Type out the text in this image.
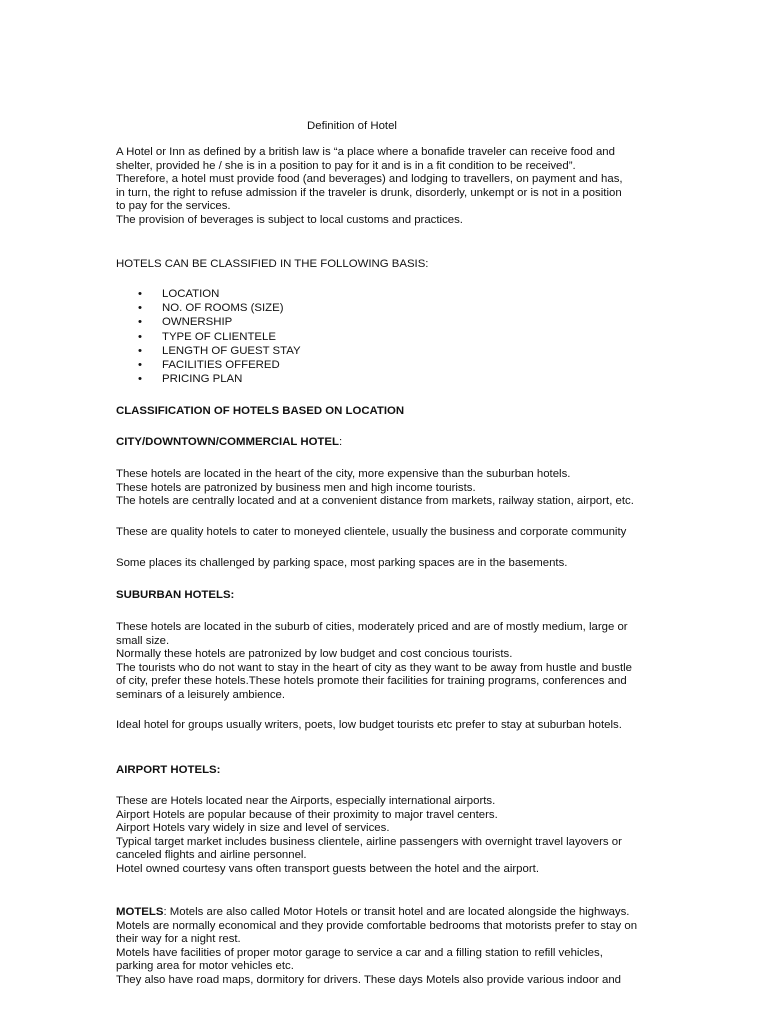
Definition of Hotel

A Hotel or Inn as defined by a british law is “a place where a bonafide traveler can receive food and

shelter, provided he / she is in a position to pay for it and is in a fit condition to be received”.

Therefore, a hotel must provide food (and beverages) and lodging to travellers, on payment and has,

in turn, the right to refuse admission if the traveler is drunk, disorderly, unkempt or is not in a position

to pay for the services.

The provision of beverages is subject to local customs and practices.

HOTELS CAN BE CLASSIFIED IN THE FOLLOWING BASIS:
• LOCATION
• NO. OF ROOMS (SIZE)
• OWNERSHIP
• TYPE OF CLIENTELE
• LENGTH OF GUEST STAY
• FACILITIES OFFERED
• PRICING PLAN
CLASSIFICATION OF HOTELS BASED ON LOCATION
CITY/DOWNTOWN/COMMERCIAL HOTEL:

These hotels are located in the heart of the city, more expensive than the suburban hotels.

These hotels are patronized by business men and high income tourists.

The hotels are centrally located and at a convenient distance from markets, railway station, airport, etc.

These are quality hotels to cater to moneyed clientele, usually the business and corporate community
Some places its challenged by parking space, most parking spaces are in the basements.
SUBURBAN HOTELS:

These hotels are located in the suburb of cities, moderately priced and are of mostly medium, large or

small size.

Normally these hotels are patronized by low budget and cost concious tourists.

The tourists who do not want to stay in the heart of city as they want to be away from hustle and bustle

of city, prefer these hotels.These hotels promote their facilities for training programs, conferences and

seminars of a leisurely ambience.

Ideal hotel for groups usually writers, poets, low budget tourists etc prefer to stay at suburban hotels.
AIRPORT HOTELS:

These are Hotels located near the Airports, especially international airports.

Airport Hotels are popular because of their proximity to major travel centers.

Airport Hotels vary widely in size and level of services.

Typical target market includes business clientele, airline passengers with overnight travel layovers or

canceled flights and airline personnel.

Hotel owned courtesy vans often transport guests between the hotel and the airport.

MOTELS: Motels are also called Motor Hotels or transit hotel and are located alongside the highways.

Motels are normally economical and they provide comfortable bedrooms that motorists prefer to stay on

their way for a night rest.

Motels have facilities of proper motor garage to service a car and a filling station to refill vehicles,

parking area for motor vehicles etc.

They also have road maps, dormitory for drivers. These days Motels also provide various indoor and
